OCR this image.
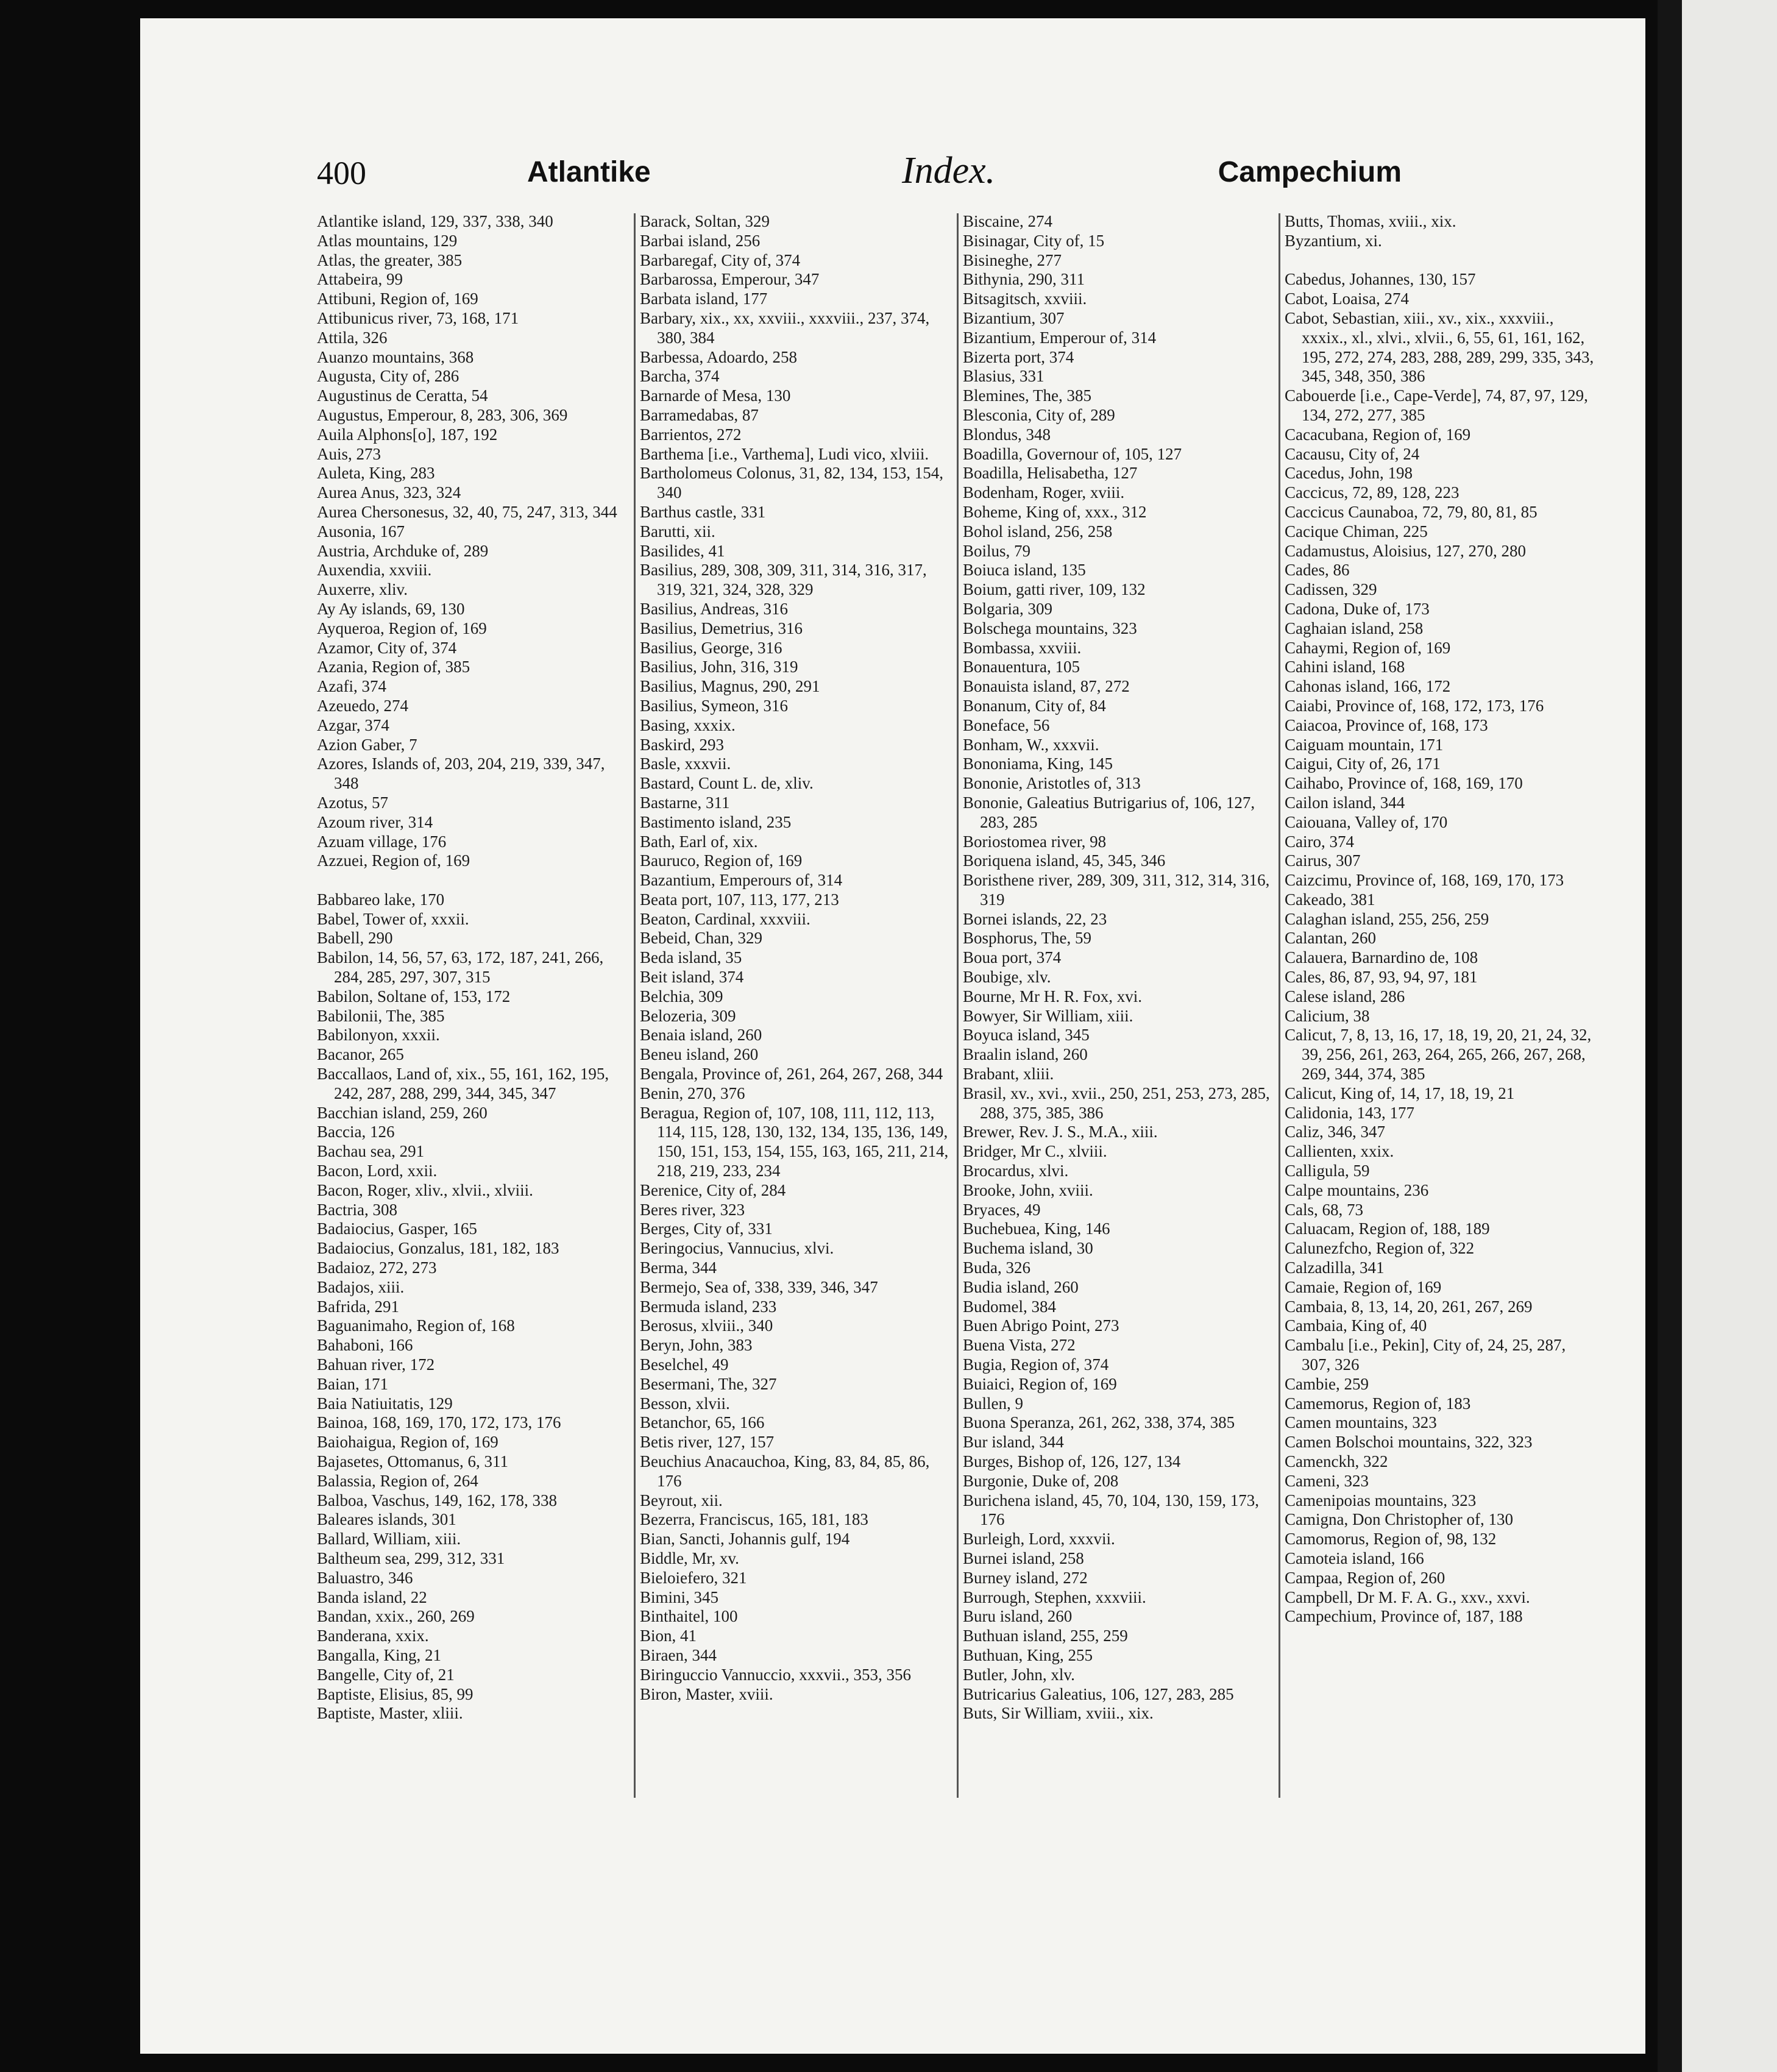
400	Atlantike	Index.	Campechium
Atlantike island, 129, 337, 338, 340
Atlas mountains, 129
Atlas, the greater, 385
Attabeira, 99
Attibuni, Region of, 169
Attibunicus river, 73, 168, 171
Attila, 326
Auanzo mountains, 368
Augusta, City of, 286
Augustinus de Ceratta, 54
Augustus, Emperour, 8, 283, 306, 369
Auila Alphons[o], 187, 192
Auis, 273
Auleta, King, 283
Aurea Anus, 323, 324
Aurea Chersonesus, 32, 40, 75, 247, 313, 344
Ausonia, 167
Austria, Archduke of, 289
Auxendia, xxviii.
Auxerre, xliv.
Ay Ay islands, 69, 130
Ayqueroa, Region of, 169
Azamor, City of, 374
Azania, Region of, 385
Azafi, 374
Azeuedo, 274
Azgar, 374
Azion Gaber, 7
Azores, Islands of, 203, 204, 219, 339, 347, 348
Azotus, 57
Azoum river, 314
Azuam village, 176
Azzuei, Region of, 169
Babbareo lake, 170
Babel, Tower of, xxxii.
Babell, 290
Babilon, 14, 56, 57, 63, 172, 187, 241, 266, 284, 285, 297, 307, 315
Babilon, Soltane of, 153, 172
Babilonii, The, 385
Babilonyon, xxxii.
Bacanor, 265
Baccallaos, Land of, xix., 55, 161, 162, 195, 242, 287, 288, 299, 344, 345, 347
Bacchian island, 259, 260
Baccia, 126
Bachau sea, 291
Bacon, Lord, xxii.
Bacon, Roger, xliv., xlvii., xlviii.
Bactria, 308
Badaiocius, Gasper, 165
Badaiocius, Gonzalus, 181, 182, 183
Badaioz, 272, 273
Badajos, xiii.
Bafrida, 291
Baguanimaho, Region of, 168
Bahaboni, 166
Bahuan river, 172
Baian, 171
Baia Natiuitatis, 129
Bainoa, 168, 169, 170, 172, 173, 176
Baiohaigua, Region of, 169
Bajasetes, Ottomanus, 6, 311
Balassia, Region of, 264
Balboa, Vaschus, 149, 162, 178, 338
Baleares islands, 301
Ballard, William, xiii.
Baltheum sea, 299, 312, 331
Baluastro, 346
Banda island, 22
Bandan, xxix., 260, 269
Banderana, xxix.
Bangalla, King, 21
Bangelle, City of, 21
Baptiste, Elisius, 85, 99
Baptiste, Master, xliii.
Barack, Soltan, 329
Barbai island, 256
Barbaregaf, City of, 374
Barbarossa, Emperour, 347
Barbata island, 177
Barbary, xix., xx, xxviii., xxxviii., 237, 374, 380, 384
Barbessa, Adoardo, 258
Barcha, 374
Barnarde of Mesa, 130
Barramedabas, 87
Barrientos, 272
Barthema [i.e., Varthema], Ludi vico, xlviii.
Bartholomeus Colonus, 31, 82, 134, 153, 154, 340
Barthus castle, 331
Barutti, xii.
Basilides, 41
Basilius, 289, 308, 309, 311, 314, 316, 317, 319, 321, 324, 328, 329
Basilius, Andreas, 316
Basilius, Demetrius, 316
Basilius, George, 316
Basilius, John, 316, 319
Basilius, Magnus, 290, 291
Basilius, Symeon, 316
Basing, xxxix.
Baskird, 293
Basle, xxxvii.
Bastard, Count L. de, xliv.
Bastarne, 311
Bastimento island, 235
Bath, Earl of, xix.
Bauruco, Region of, 169
Bazantium, Emperours of, 314
Beata port, 107, 113, 177, 213
Beaton, Cardinal, xxxviii.
Bebeid, Chan, 329
Beda island, 35
Beit island, 374
Belchia, 309
Belozeria, 309
Benaia island, 260
Beneu island, 260
Bengala, Province of, 261, 264, 267, 268, 344
Benin, 270, 376
Beragua, Region of, 107, 108, 111, 112, 113, 114, 115, 128, 130, 132, 134, 135, 136, 149, 150, 151, 153, 154, 155, 163, 165, 211, 214, 218, 219, 233, 234
Berenice, City of, 284
Beres river, 323
Berges, City of, 331
Beringocius, Vannucius, xlvi.
Berma, 344
Bermejo, Sea of, 338, 339, 346, 347
Bermuda island, 233
Berosus, xlviii., 340
Beryn, John, 383
Beselchel, 49
Besermani, The, 327
Besson, xlvii.
Betanchor, 65, 166
Betis river, 127, 157
Beuchius Anacauchoa, King, 83, 84, 85, 86, 176
Beyrout, xii.
Bezerra, Franciscus, 165, 181, 183
Bian, Sancti, Johannis gulf, 194
Biddle, Mr, xv.
Bieloiefero, 321
Bimini, 345
Binthaitel, 100
Bion, 41
Biraen, 344
Biringuccio Vannuccio, xxxvii., 353, 356
Biron, Master, xviii.
Biscaine, 274
Bisinagar, City of, 15
Bisineghe, 277
Bithynia, 290, 311
Bitsagitsch, xxviii.
Bizantium, 307
Bizantium, Emperour of, 314
Bizerta port, 374
Blasius, 331
Blemines, The, 385
Blesconia, City of, 289
Blondus, 348
Boadilla, Governour of, 105, 127
Boadilla, Helisabetha, 127
Bodenham, Roger, xviii.
Boheme, King of, xxx., 312
Bohol island, 256, 258
Boilus, 79
Boiuca island, 135
Boium, gatti river, 109, 132
Bolgaria, 309
Bolschega mountains, 323
Bombassa, xxviii.
Bonauentura, 105
Bonauista island, 87, 272
Bonanum, City of, 84
Boneface, 56
Bonham, W., xxxvii.
Bononiama, King, 145
Bononie, Aristotles of, 313
Bononie, Galeatius Butrigarius of, 106, 127, 283, 285
Boriostomea river, 98
Boriquena island, 45, 345, 346
Boristhene river, 289, 309, 311, 312, 314, 316, 319
Bornei islands, 22, 23
Bosphorus, The, 59
Boua port, 374
Boubige, xlv.
Bourne, Mr H. R. Fox, xvi.
Bowyer, Sir William, xiii.
Boyuca island, 345
Braalin island, 260
Brabant, xliii.
Brasil, xv., xvi., xvii., 250, 251, 253, 273, 285, 288, 375, 385, 386
Brewer, Rev. J. S., M.A., xiii.
Bridger, Mr C., xlviii.
Brocardus, xlvi.
Brooke, John, xviii.
Bryaces, 49
Buchebuea, King, 146
Buchema island, 30
Buda, 326
Budia island, 260
Budomel, 384
Buen Abrigo Point, 273
Buena Vista, 272
Bugia, Region of, 374
Buiaici, Region of, 169
Bullen, 9
Buona Speranza, 261, 262, 338, 374, 385
Bur island, 344
Burges, Bishop of, 126, 127, 134
Burgonie, Duke of, 208
Burichena island, 45, 70, 104, 130, 159, 173, 176
Burleigh, Lord, xxxvii.
Burnei island, 258
Burney island, 272
Burrough, Stephen, xxxviii.
Buru island, 260
Buthuan island, 255, 259
Buthuan, King, 255
Butler, John, xlv.
Butricarius Galeatius, 106, 127, 283, 285
Buts, Sir William, xviii., xix.
Butts, Thomas, xviii., xix.
Byzantium, xi.
Cabedus, Johannes, 130, 157
Cabot, Loaisa, 274
Cabot, Sebastian, xiii., xv., xix., xxxviii., xxxix., xl., xlvi., xlvii., 6, 55, 61, 161, 162, 195, 272, 274, 283, 288, 289, 299, 335, 343, 345, 348, 350, 386
Cabouerde [i.e., Cape-Verde], 74, 87, 97, 129, 134, 272, 277, 385
Cacacubana, Region of, 169
Cacausu, City of, 24
Cacedus, John, 198
Caccicus, 72, 89, 128, 223
Caccicus Caunaboa, 72, 79, 80, 81, 85
Cacique Chiman, 225
Cadamustus, Aloisius, 127, 270, 280
Cades, 86
Cadissen, 329
Cadona, Duke of, 173
Caghaian island, 258
Cahaymi, Region of, 169
Cahini island, 168
Cahonas island, 166, 172
Caiabi, Province of, 168, 172, 173, 176
Caiacoa, Province of, 168, 173
Caiguam mountain, 171
Caigui, City of, 26, 171
Caihabo, Province of, 168, 169, 170
Cailon island, 344
Caiouana, Valley of, 170
Cairo, 374
Cairus, 307
Caizcimu, Province of, 168, 169, 170, 173
Cakeado, 381
Calaghan island, 255, 256, 259
Calantan, 260
Calauera, Barnardino de, 108
Cales, 86, 87, 93, 94, 97, 181
Calese island, 286
Calicium, 38
Calicut, 7, 8, 13, 16, 17, 18, 19, 20, 21, 24, 32, 39, 256, 261, 263, 264, 265, 266, 267, 268, 269, 344, 374, 385
Calicut, King of, 14, 17, 18, 19, 21
Calidonia, 143, 177
Caliz, 346, 347
Callienten, xxix.
Calligula, 59
Calpe mountains, 236
Cals, 68, 73
Caluacam, Region of, 188, 189
Calunezfcho, Region of, 322
Calzadilla, 341
Camaie, Region of, 169
Cambaia, 8, 13, 14, 20, 261, 267, 269
Cambaia, King of, 40
Cambalu [i.e., Pekin], City of, 24, 25, 287, 307, 326
Cambie, 259
Camemorus, Region of, 183
Camen mountains, 323
Camen Bolschoi mountains, 322, 323
Camenckh, 322
Cameni, 323
Camenipoias mountains, 323
Camigna, Don Christopher of, 130
Camomorus, Region of, 98, 132
Camoteia island, 166
Campaa, Region of, 260
Campbell, Dr M. F. A. G., xxv., xxvi.
Campechium, Province of, 187, 188
